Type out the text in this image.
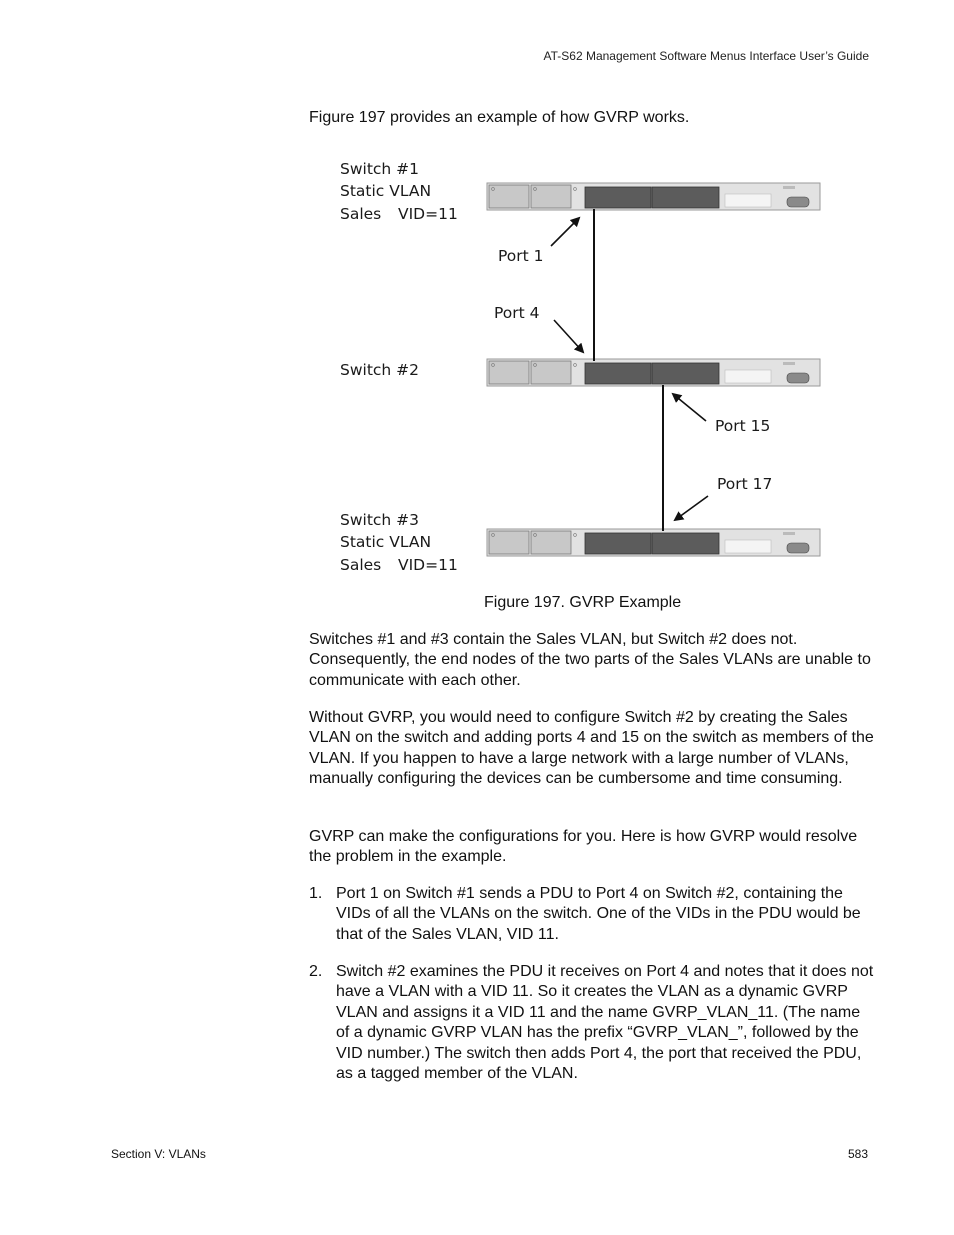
AT-S62 Management Software Menus Interface User’s Guide
Figure 197 provides an example of how GVRP works.
Switch #1
Static VLAN
Sales VID=11
Switch #2
Switch #3
Static VLAN
Sales VID=11
Port 1
Port 4
Port 15
Port 17
Figure 197. GVRP Example

Switches #1 and #3 contain the Sales VLAN, but Switch #2 does not. Consequently, the end nodes of the two parts of the Sales VLANs are unable to communicate with each other.

Without GVRP, you would need to configure Switch #2 by creating the Sales VLAN on the switch and adding ports 4 and 15 on the switch as members of the VLAN. If you happen to have a large network with a large number of VLANs, manually configuring the devices can be cumbersome and time consuming.

GVRP can make the configurations for you. Here is how GVRP would resolve the problem in the example.

1. Port 1 on Switch #1 sends a PDU to Port 4 on Switch #2, containing the VIDs of all the VLANs on the switch. One of the VIDs in the PDU would be that of the Sales VLAN, VID 11.
2. Switch #2 examines the PDU it receives on Port 4 and notes that it does not have a VLAN with a VID 11. So it creates the VLAN as a dynamic GVRP VLAN and assigns it a VID 11 and the name GVRP_VLAN_11. (The name of a dynamic GVRP VLAN has the prefix “GVRP_VLAN_”, followed by the VID number.) The switch then adds Port 4, the port that received the PDU, as a tagged member of the VLAN.
Section V: VLANs	583
